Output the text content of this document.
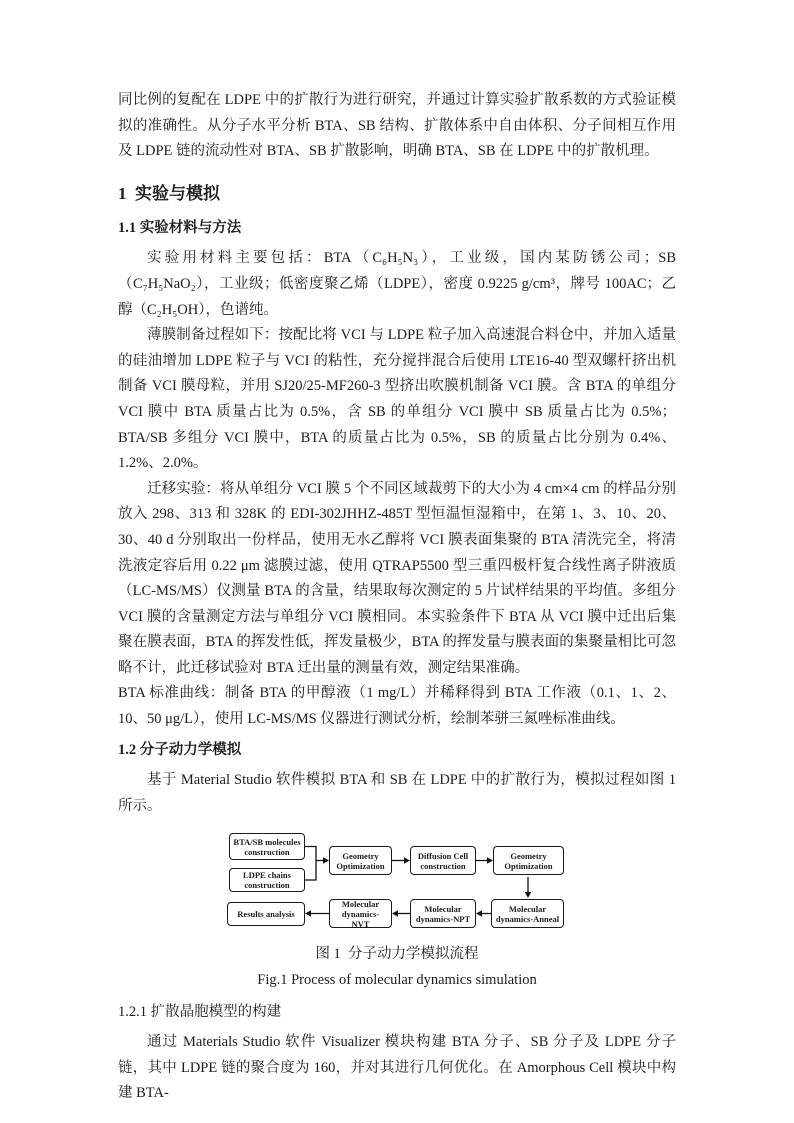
同比例的复配在 LDPE 中的扩散行为进行研究，并通过计算实验扩散系数的方式验证模拟的准确性。从分子水平分析 BTA、SB 结构、扩散体系中自由体积、分子间相互作用及 LDPE 链的流动性对 BTA、SB 扩散影响，明确 BTA、SB 在 LDPE 中的扩散机理。

1  实验与模拟
1.1 实验材料与方法

实验用材料主要包括：BTA（C₆H₅N₃），工业级，国内某防锈公司；SB（C₇H₅NaO₂），工业级；低密度聚乙烯（LDPE），密度 0.9225 g/cm³，牌号 100AC；乙醇（C₂H₅OH），色谱纯。

薄膜制备过程如下：按配比将 VCI 与 LDPE 粒子加入高速混合料仓中，并加入适量的硅油增加 LDPE 粒子与 VCI 的粘性，充分搅拌混合后使用 LTE16-40 型双螺杆挤出机制备 VCI 膜母粒，并用 SJ20/25-MF260-3 型挤出吹膜机制备 VCI 膜。含 BTA 的单组分 VCI 膜中 BTA 质量占比为 0.5%，含 SB 的单组分 VCI 膜中 SB 质量占比为 0.5%；BTA/SB 多组分 VCI 膜中，BTA 的质量占比为 0.5%，SB 的质量占比分别为 0.4%、1.2%、2.0%。

迁移实验：将从单组分 VCI 膜 5 个不同区域裁剪下的大小为 4 cm×4 cm 的样品分别放入 298、313 和 328K 的 EDI-302JHHZ-485T 型恒温恒湿箱中，在第 1、3、10、20、30、40 d 分别取出一份样品，使用无水乙醇将 VCI 膜表面集聚的 BTA 清洗完全，将清洗液定容后用 0.22 μm 滤膜过滤，使用 QTRAP5500 型三重四极杆复合线性离子阱液质（LC-MS/MS）仪测量 BTA 的含量，结果取每次测定的 5 片试样结果的平均值。多组分 VCI 膜的含量测定方法与单组分 VCI 膜相同。本实验条件下 BTA 从 VCI 膜中迁出后集聚在膜表面，BTA 的挥发性低，挥发量极少，BTA 的挥发量与膜表面的集聚量相比可忽略不计，此迁移试验对 BTA 迁出量的测量有效，测定结果准确。

BTA 标准曲线：制备 BTA 的甲醇液（1 mg/L）并稀释得到 BTA 工作液（0.1、1、2、10、50 μg/L），使用 LC-MS/MS 仪器进行测试分析，绘制苯骈三氮唑标准曲线。

1.2 分子动力学模拟

基于 Material Studio 软件模拟 BTA 和 SB 在 LDPE 中的扩散行为，模拟过程如图 1 所示。

BTA/SB molecules construction
LDPE chains construction
Geometry Optimization
Diffusion Cell construction
Geometry Optimization
Results analysis
Molecular dynamics-NVT
Molecular dynamics-NPT
Molecular dynamics-Anneal
图 1  分子动力学模拟流程
Fig.1 Process of molecular dynamics simulation
1.2.1 扩散晶胞模型的构建

通过 Materials Studio 软件 Visualizer 模块构建 BTA 分子、SB 分子及 LDPE 分子链，其中 LDPE 链的聚合度为 160，并对其进行几何优化。在 Amorphous Cell 模块中构建 BTA-
